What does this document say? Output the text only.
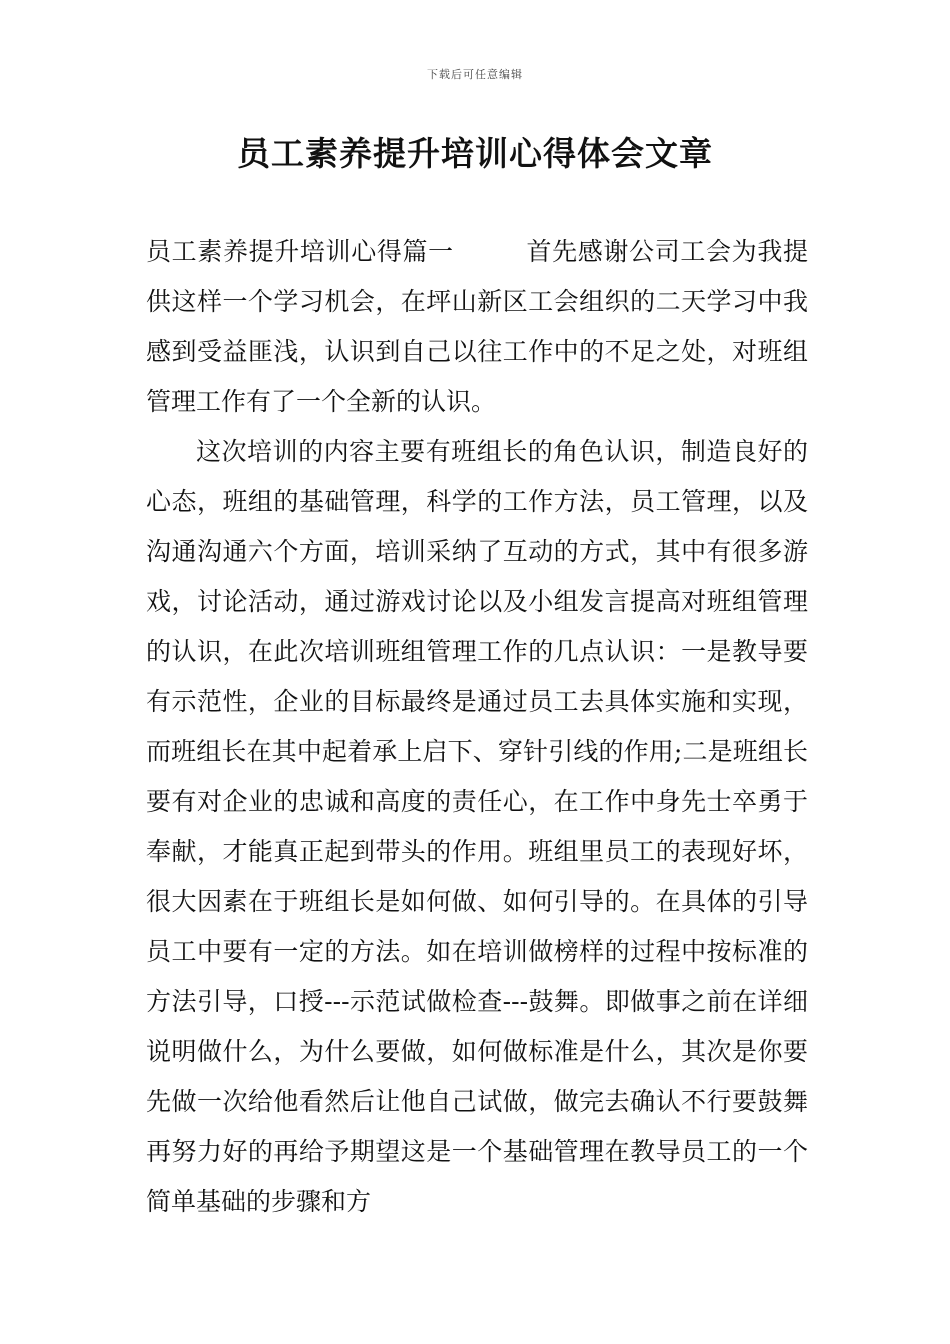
下载后可任意编辑
员工素养提升培训心得体会文章

员工素养提升培训心得篇一	首先感谢公司工会为我提供这样一个学习机会，在坪山新区工会组织的二天学习中我感到受益匪浅，认识到自己以往工作中的不足之处，对班组管理工作有了一个全新的认识。

这次培训的内容主要有班组长的角色认识，制造良好的心态，班组的基础管理，科学的工作方法，员工管理，以及沟通沟通六个方面，培训采纳了互动的方式，其中有很多游戏，讨论活动，通过游戏讨论以及小组发言提高对班组管理的认识，在此次培训班组管理工作的几点认识：一是教导要有示范性，企业的目标最终是通过员工去具体实施和实现，而班组长在其中起着承上启下、穿针引线的作用;二是班组长要有对企业的忠诚和高度的责任心，在工作中身先士卒勇于奉献，才能真正起到带头的作用。班组里员工的表现好坏，很大因素在于班组长是如何做、如何引导的。在具体的引导员工中要有一定的方法。如在培训做榜样的过程中按标准的方法引导，口授---示范试做检查---鼓舞。即做事之前在详细说明做什么，为什么要做，如何做标准是什么，其次是你要先做一次给他看然后让他自己试做，做完去确认不行要鼓舞再努力好的再给予期望这是一个基础管理在教导员工的一个简单基础的步骤和方
